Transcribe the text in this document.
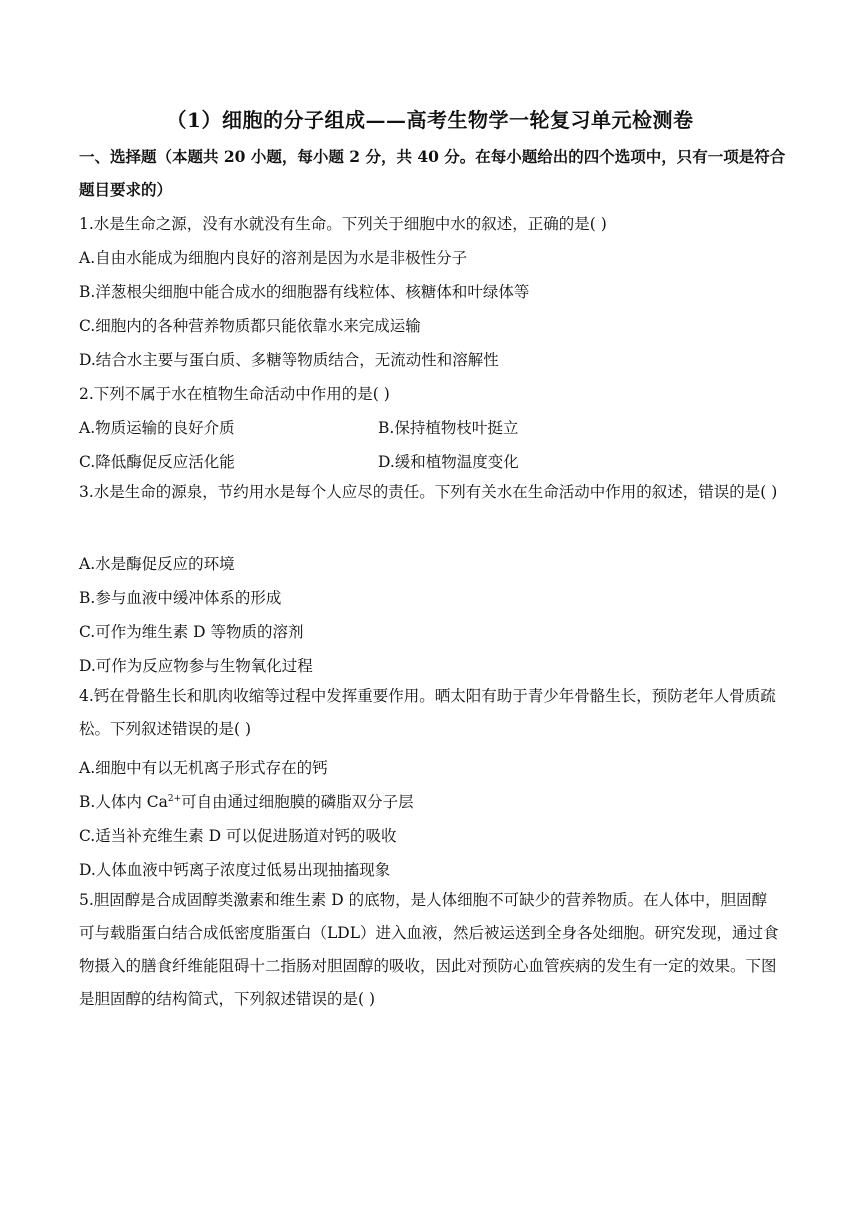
（1）细胞的分子组成——高考生物学一轮复习单元检测卷
一、选择题（本题共 20 小题，每小题 2 分，共 40 分。在每小题给出的四个选项中，只有一项是符合题目要求的）
1.水是生命之源，没有水就没有生命。下列关于细胞中水的叙述，正确的是( )
A.自由水能成为细胞内良好的溶剂是因为水是非极性分子
B.洋葱根尖细胞中能合成水的细胞器有线粒体、核糖体和叶绿体等
C.细胞内的各种营养物质都只能依靠水来完成运输
D.结合水主要与蛋白质、多糖等物质结合，无流动性和溶解性
2.下列不属于水在植物生命活动中作用的是( )
A.物质运输的良好介质	B.保持植物枝叶挺立
C.降低酶促反应活化能	D.缓和植物温度变化
3.水是生命的源泉，节约用水是每个人应尽的责任。下列有关水在生命活动中作用的叙述，错误的是( )
A.水是酶促反应的环境
B.参与血液中缓冲体系的形成
C.可作为维生素 D 等物质的溶剂
D.可作为反应物参与生物氧化过程
4.钙在骨骼生长和肌肉收缩等过程中发挥重要作用。晒太阳有助于青少年骨骼生长，预防老年人骨质疏松。下列叙述错误的是( )
A.细胞中有以无机离子形式存在的钙
B.人体内 $Ca^{2+}$可自由通过细胞膜的磷脂双分子层
C.适当补充维生素 D 可以促进肠道对钙的吸收
D.人体血液中钙离子浓度过低易出现抽搐现象
5.胆固醇是合成固醇类激素和维生素 D 的底物，是人体细胞不可缺少的营养物质。在人体中，胆固醇可与载脂蛋白结合成低密度脂蛋白（LDL）进入血液，然后被运送到全身各处细胞。研究发现，通过食物摄入的膳食纤维能阻碍十二指肠对胆固醇的吸收，因此对预防心血管疾病的发生有一定的效果。下图是胆固醇的结构简式，下列叙述错误的是( )
